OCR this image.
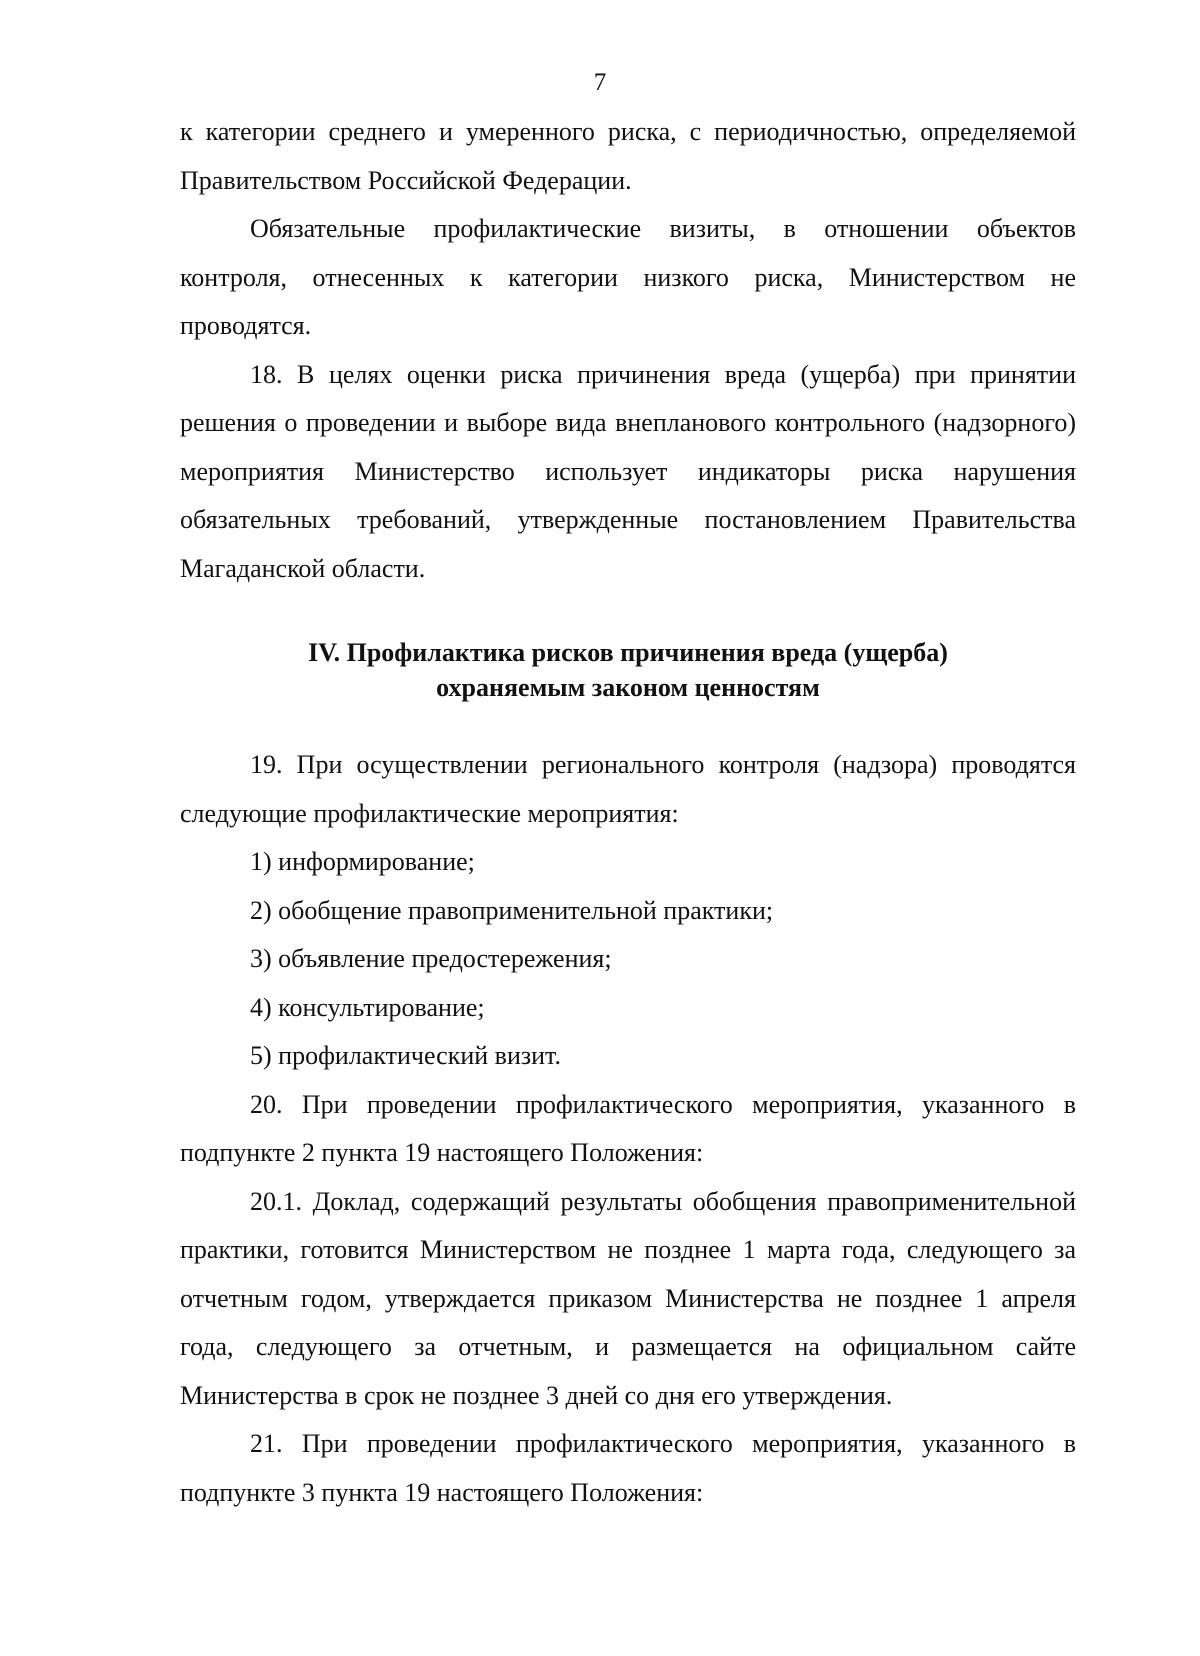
7

к категории среднего и умеренного риска, с периодичностью, определяемой Правительством Российской Федерации.

Обязательные профилактические визиты, в отношении объектов контроля, отнесенных к категории низкого риска, Министерством не проводятся.

18. В целях оценки риска причинения вреда (ущерба) при принятии решения о проведении и выборе вида внепланового контрольного (надзорного) мероприятия Министерство использует индикаторы риска нарушения обязательных требований, утвержденные постановлением Правительства Магаданской области.

IV. Профилактика рисков причинения вреда (ущерба)
охраняемым законом ценностям

19. При осуществлении регионального контроля (надзора) проводятся следующие профилактические мероприятия:

1) информирование;

2) обобщение правоприменительной практики;

3) объявление предостережения;

4) консультирование;

5) профилактический визит.

20. При проведении профилактического мероприятия, указанного в подпункте 2 пункта 19 настоящего Положения:

20.1. Доклад, содержащий результаты обобщения правоприменительной практики, готовится Министерством не позднее 1 марта года, следующего за отчетным годом, утверждается приказом Министерства не позднее 1 апреля года, следующего за отчетным, и размещается на официальном сайте Министерства в срок не позднее 3 дней со дня его утверждения.

21. При проведении профилактического мероприятия, указанного в подпункте 3 пункта 19 настоящего Положения:
